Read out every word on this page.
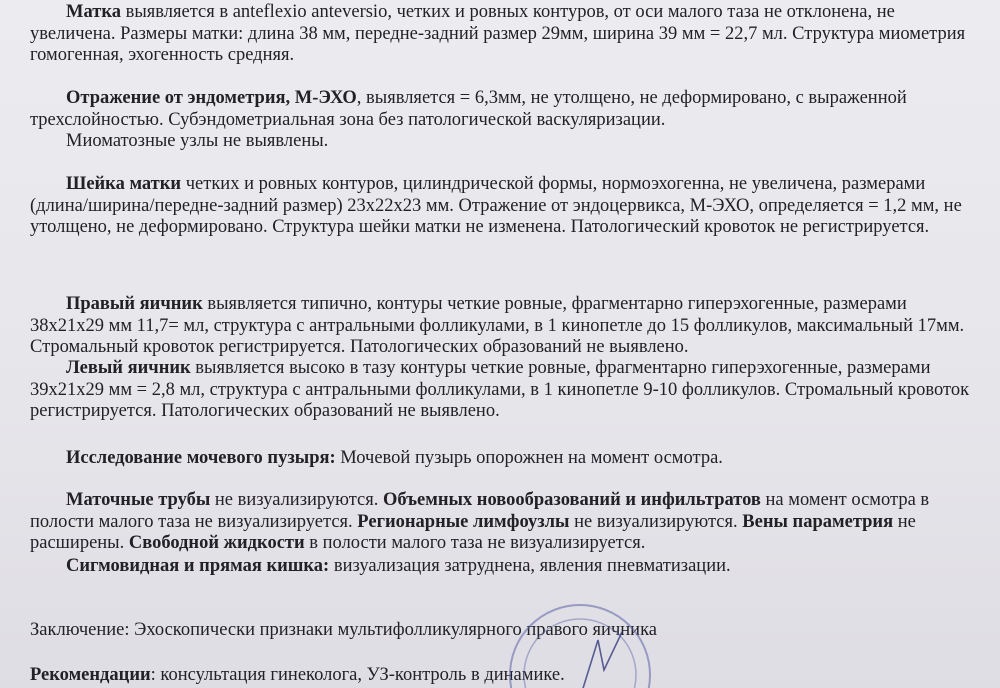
Матка выявляется в anteflexio anteversio, четких и ровных контуров, от оси малого таза не отклонена, не увеличена. Размеры матки: длина 38 мм, передне-задний размер 29мм, ширина 39 мм = 22,7 мл. Структура миометрия гомогенная, эхогенность средняя.

Отражение от эндометрия, М-ЭХО, выявляется = 6,3мм, не утолщено, не деформировано, с выраженной трехслойностью. Субэндометриальная зона без патологической васкуляризации.

Миоматозные узлы не выявлены.

Шейка матки четких и ровных контуров, цилиндрической формы, нормоэхогенна, не увеличена, размерами (длина/ширина/передне-задний размер) 23х22х23 мм. Отражение от эндоцервикса, М-ЭХО, определяется = 1,2 мм, не утолщено, не деформировано. Структура шейки матки не изменена. Патологический кровоток не регистрируется.

Правый яичник выявляется типично, контуры четкие ровные, фрагментарно гиперэхогенные, размерами 38х21х29 мм 11,7= мл, структура с антральными фолликулами, в 1 кинопетле до 15 фолликулов, максимальный 17мм. Стромальный кровоток регистрируется. Патологических образований не выявлено.

Левый яичник выявляется высоко в тазу контуры четкие ровные, фрагментарно гиперэхогенные, размерами 39х21х29 мм = 2,8 мл, структура с антральными фолликулами, в 1 кинопетле 9-10 фолликулов. Стромальный кровоток регистрируется. Патологических образований не выявлено.

Исследование мочевого пузыря: Мочевой пузырь опорожнен на момент осмотра.

Маточные трубы не визуализируются. Объемных новообразований и инфильтратов на момент осмотра в полости малого таза не визуализируется. Регионарные лимфоузлы не визуализируются. Вены параметрия не расширены. Свободной жидкости в полости малого таза не визуализируется.

Сигмовидная и прямая кишка: визуализация затруднена, явления пневматизации.

Заключение: Эхоскопически признаки мультифолликулярного правого яичника

Рекомендации: консультация гинеколога, УЗ-контроль в динамике.
